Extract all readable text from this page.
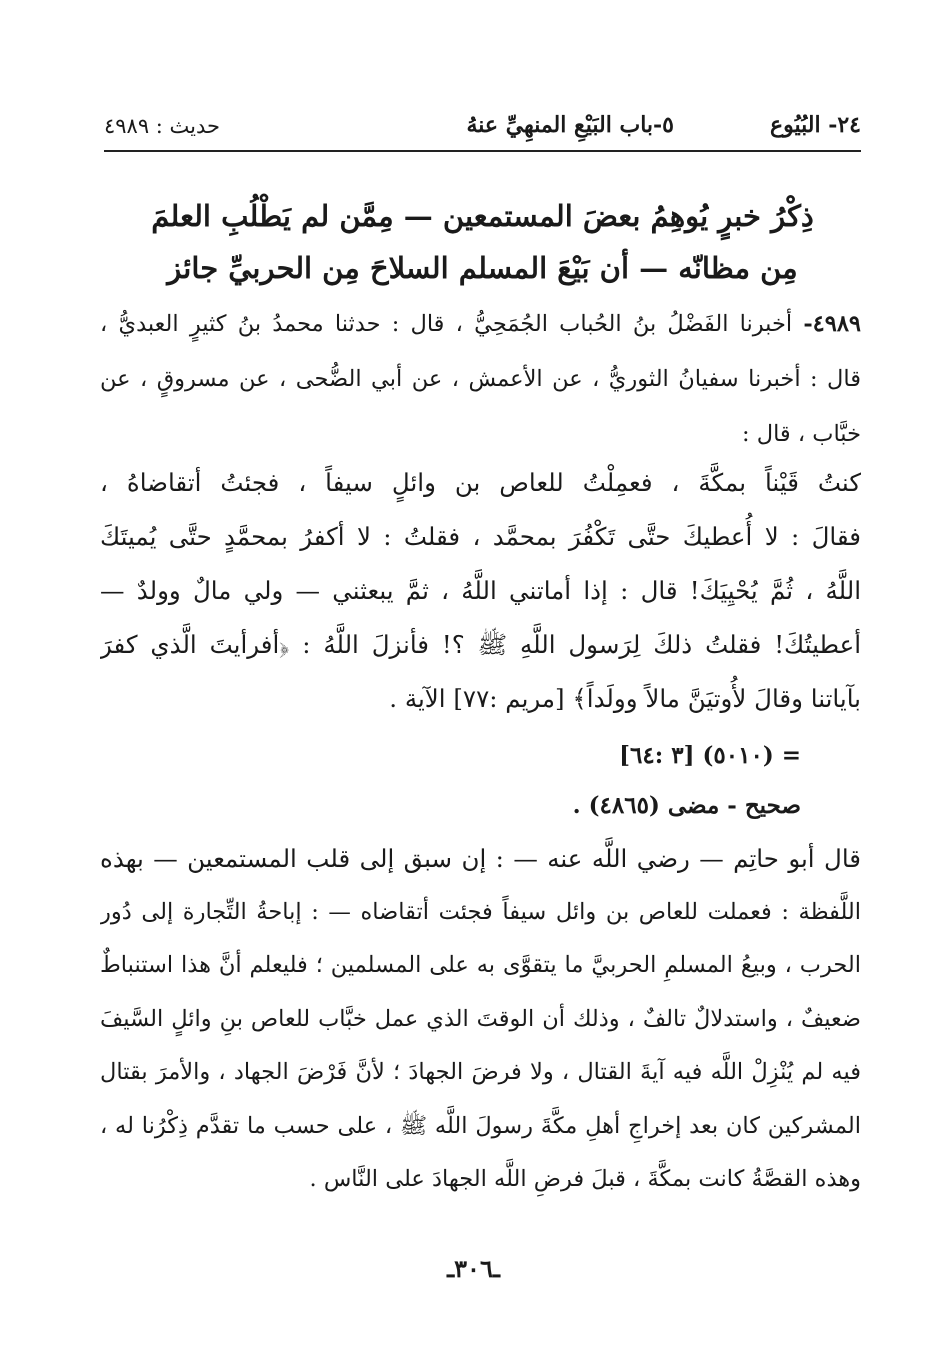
٢٤- البُيُوع
٥-باب البَيْعِ المنهِيِّ عنهُ
حديث : ٤٩٨٩
ذِكْرُ خبرٍ يُوهِمُ بعضَ المستمعين — مِمَّن لم يَطْلُبِ العلمَ
مِن مظانّه — أن بَيْعَ المسلم السلاحَ مِن الحربيِّ جائز
٤٩٨٩- أخبرنا الفَضْلُ بنُ الحُباب الجُمَحِيُّ ، قال : حدثنا محمدُ بنُ كثيرٍ العبديُّ ،
قال : أخبرنا سفيانُ الثوريُّ ، عن الأعمش ، عن أبي الضُّحى ، عن مسروقٍ ، عن
خبَّاب ، قال :
كنتُ قَيْناً بمكَّةَ ، فعمِلْتُ للعاص بن وائلٍ سيفاً ، فجئتُ أتقاضاهُ ،
فقالَ : لا أُعطيكَ حتَّى تَكْفُرَ بمحمَّد ، فقلتُ : لا أكفرُ بمحمَّدٍ حتَّى يُميتَكَ
اللَّهُ ، ثُمَّ يُحْيِيَكَ! قال : إذا أماتني اللَّهُ ، ثمَّ يبعثني — ولي مالٌ وولدٌ —
أعطيتُكَ! فقلتُ ذلكَ لِرَسول اللَّهِ ﷺ ؟! فأنزلَ اللَّهُ : ﴿أفرأيتَ الَّذي كفرَ
بآياتنا وقالَ لأُوتيَنَّ مالاً وولَداً﴾ [مريم :٧٧] الآية .
= (٥٠١٠) [٣ :٦٤]
صحيح - مضى (٤٨٦٥) .
قال أبو حاتِم — رضي اللَّه عنه — : إن سبق إلى قلب المستمعين — بهذه
اللَّفظة : فعملت للعاص بن وائل سيفاً فجئت أتقاضاه — : إباحةُ التِّجارة إلى دُور
الحرب ، وبيعُ المسلمِ الحربيَّ ما يتقوَّى به على المسلمين ؛ فليعلم أنَّ هذا استنباطٌ
ضعيفٌ ، واستدلالٌ تالفٌ ، وذلك أن الوقتَ الذي عمل خبَّاب للعاص بنِ وائلٍ السَّيفَ
فيه لم يُنْزِلْ اللَّه فيه آيةَ القتال ، ولا فرضَ الجهادَ ؛ لأنَّ فَرْضَ الجهاد ، والأمرَ بقتال
المشركين كان بعد إخراجِ أهلِ مكَّةَ رسولَ اللَّه ﷺ ، على حسب ما تقدَّم ذِكْرُنا له ،
وهذه القصَّةُ كانت بمكَّةَ ، قبلَ فرضِ اللَّه الجهادَ على النَّاس .
ـ٣٠٦ـ
